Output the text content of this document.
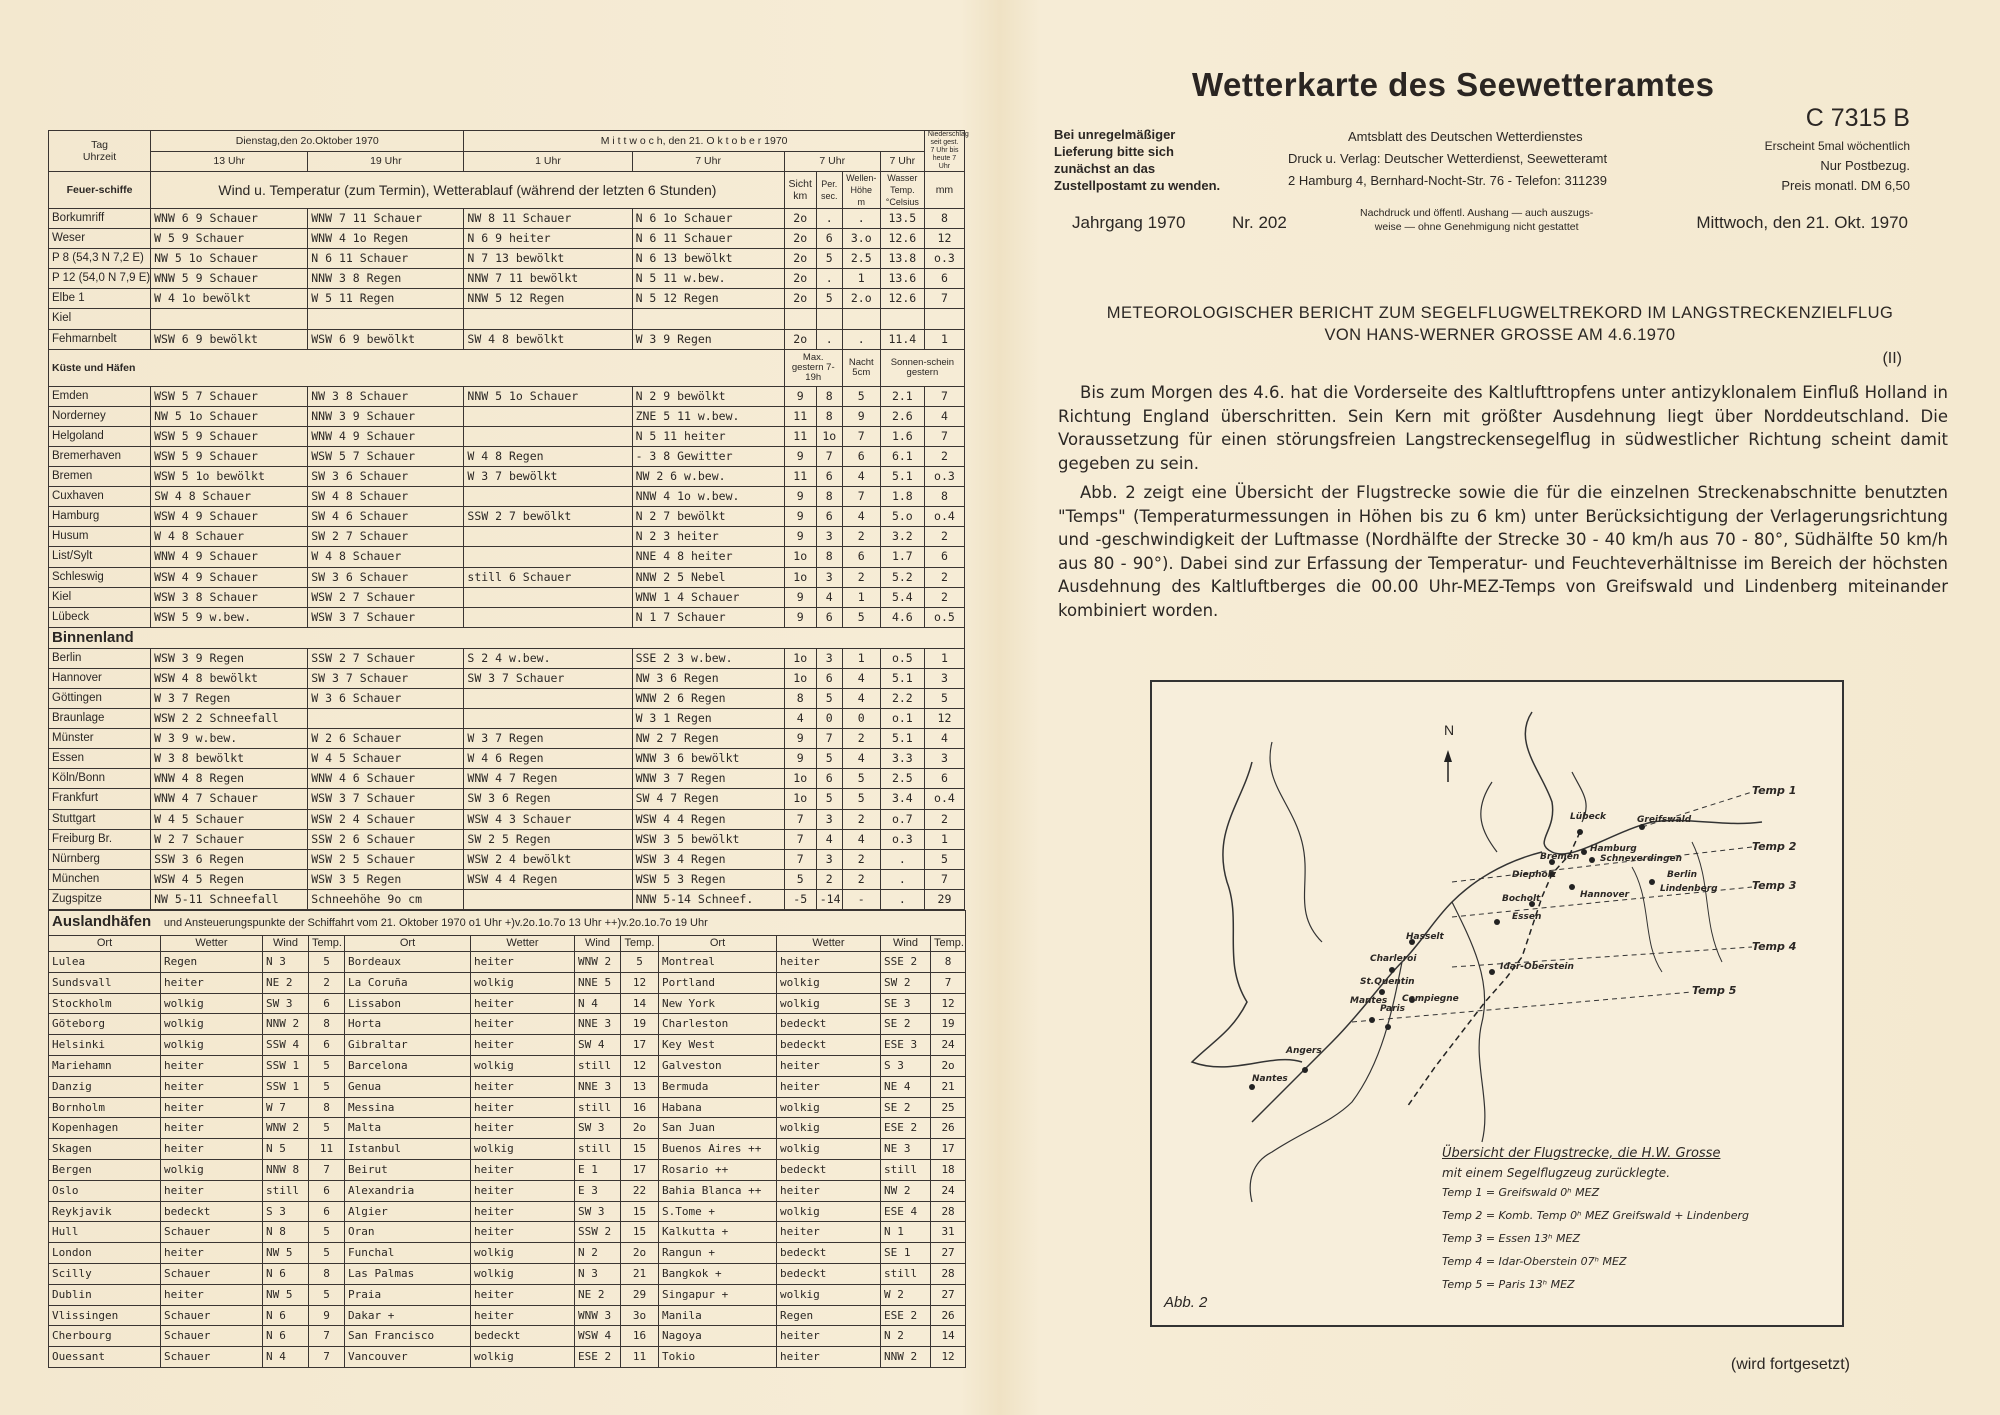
Tag
Uhrzeit	Dienstag,den 2o.Oktober 1970		M i t t w o c h, den 21. O k t o b e r 1970						Niederschlag seit gest. 7 Uhr bis heute 7 Uhr
	13 Uhr	19 Uhr	1 Uhr	7 Uhr	7 Uhr			7 Uhr	
Feuer-schiffe	Wind u. Temperatur (zum Termin), Wetterablauf (während der letzten 6 Stunden)				Sicht km	Per. sec.	Wellen- Höhe m	Wasser Temp. °Celsius	mm
Borkumriff	WNW 6 9 Schauer	WNW 7 11 Schauer	NW 8 11 Schauer	N 6 1o Schauer	2o	.	.	13.5	8
Weser	W 5 9 Schauer	WNW 4 1o Regen	N 6 9 heiter	N 6 11 Schauer	2o	6	3.o	12.6	12
P 8 (54,3 N 7,2 E)	NW 5 1o Schauer	N 6 11 Schauer	N 7 13 bewölkt	N 6 13 bewölkt	2o	5	2.5	13.8	o.3
P 12 (54,0 N 7,9 E)	WNW 5 9 Schauer	NNW 3 8 Regen	NNW 7 11 bewölkt	N 5 11 w.bew.	2o	.	1	13.6	6
Elbe 1	W 4 1o bewölkt	W 5 11 Regen	NNW 5 12 Regen	N 5 12 Regen	2o	5	2.o	12.6	7
Kiel									
Fehmarnbelt	WSW 6 9 bewölkt	WSW 6 9 bewölkt	SW 4 8 bewölkt	W 3 9 Regen	2o	.	.	11.4	1
Küste und Häfen					Max. gestern 7-19h		Nacht 5cm	Sonnen-schein gestern	
Emden	WSW 5 7 Schauer	NW 3 8 Schauer	NNW 5 1o Schauer	N 2 9 bewölkt	9	8	5	2.1	7
Norderney	NW 5 1o Schauer	NNW 3 9 Schauer		ZNE 5 11 w.bew.	11	8	9	2.6	4
Helgoland	WSW 5 9 Schauer	WNW 4 9 Schauer		N 5 11 heiter	11	1o	7	1.6	7
Bremerhaven	WSW 5 9 Schauer	WSW 5 7 Schauer	W 4 8 Regen	- 3 8 Gewitter	9	7	6	6.1	2
Bremen	WSW 5 1o bewölkt	SW 3 6 Schauer	W 3 7 bewölkt	NW 2 6 w.bew.	11	6	4	5.1	o.3
Cuxhaven	SW 4 8 Schauer	SW 4 8 Schauer		NNW 4 1o w.bew.	9	8	7	1.8	8
Hamburg	WSW 4 9 Schauer	SW 4 6 Schauer	SSW 2 7 bewölkt	N 2 7 bewölkt	9	6	4	5.o	o.4
Husum	W 4 8 Schauer	SW 2 7 Schauer		N 2 3 heiter	9	3	2	3.2	2
List/Sylt	WNW 4 9 Schauer	W 4 8 Schauer		NNE 4 8 heiter	1o	8	6	1.7	6
Schleswig	WSW 4 9 Schauer	SW 3 6 Schauer	still 6 Schauer	NNW 2 5 Nebel	1o	3	2	5.2	2
Kiel	WSW 3 8 Schauer	WSW 2 7 Schauer		WNW 1 4 Schauer	9	4	1	5.4	2
Lübeck	WSW 5 9 w.bew.	WSW 3 7 Schauer		N 1 7 Schauer	9	6	5	4.6	o.5
Binnenland									
Berlin	WSW 3 9 Regen	SSW 2 7 Schauer	S 2 4 w.bew.	SSE 2 3 w.bew.	1o	3	1	o.5	1
Hannover	WSW 4 8 bewölkt	SW 3 7 Schauer	SW 3 7 Schauer	NW 3 6 Regen	1o	6	4	5.1	3
Göttingen	W 3 7 Regen	W 3 6 Schauer		WNW 2 6 Regen	8	5	4	2.2	5
Braunlage	WSW 2 2 Schneefall			W 3 1 Regen	4	0	0	o.1	12
Münster	W 3 9 w.bew.	W 2 6 Schauer	W 3 7 Regen	NW 2 7 Regen	9	7	2	5.1	4
Essen	W 3 8 bewölkt	W 4 5 Schauer	W 4 6 Regen	WNW 3 6 bewölkt	9	5	4	3.3	3
Köln/Bonn	WNW 4 8 Regen	WNW 4 6 Schauer	WNW 4 7 Regen	WNW 3 7 Regen	1o	6	5	2.5	6
Frankfurt	WNW 4 7 Schauer	WSW 3 7 Schauer	SW 3 6 Regen	SW 4 7 Regen	1o	5	5	3.4	o.4
Stuttgart	W 4 5 Schauer	WSW 2 4 Schauer	WSW 4 3 Schauer	WSW 4 4 Regen	7	3	2	o.7	2
Freiburg Br.	W 2 7 Schauer	SSW 2 6 Schauer	SW 2 5 Regen	WSW 3 5 bewölkt	7	4	4	o.3	1
Nürnberg	SSW 3 6 Regen	WSW 2 5 Schauer	WSW 2 4 bewölkt	WSW 3 4 Regen	7	3	2	.	5
München	WSW 4 5 Regen	WSW 3 5 Regen	WSW 4 4 Regen	WSW 5 3 Regen	5	2	2	.	7
Zugspitze	NW 5-11 Schneefall	Schneehöhe 9o cm		NNW 5-14 Schneef.	-5	-14	-	.	29
Auslandhäfen und Ansteuerungspunkte der Schiffahrt vom 21. Oktober 1970 o1 Uhr +)v.2o.1o.7o 13 Uhr ++)v.2o.1o.7o 19 Uhr											
Ort	Wetter	Wind	Temp.	Ort	Wetter	Wind	Temp.	Ort	Wetter	Wind	Temp.
Lulea	Regen	N 3	5	Bordeaux	heiter	WNW 2	5	Montreal	heiter	SSE 2	8
Sundsvall	heiter	NE 2	2	La Coruña	wolkig	NNE 5	12	Portland	wolkig	SW 2	7
Stockholm	wolkig	SW 3	6	Lissabon	heiter	N 4	14	New York	wolkig	SE 3	12
Göteborg	wolkig	NNW 2	8	Horta	heiter	NNE 3	19	Charleston	bedeckt	SE 2	19
Helsinki	wolkig	SSW 4	6	Gibraltar	heiter	SW 4	17	Key West	bedeckt	ESE 3	24
Mariehamn	heiter	SSW 1	5	Barcelona	wolkig	still	12	Galveston	heiter	S 3	2o
Danzig	heiter	SSW 1	5	Genua	heiter	NNE 3	13	Bermuda	heiter	NE 4	21
Bornholm	heiter	W 7	8	Messina	heiter	still	16	Habana	wolkig	SE 2	25
Kopenhagen	heiter	WNW 2	5	Malta	heiter	SW 3	2o	San Juan	wolkig	ESE 2	26
Skagen	heiter	N 5	11	Istanbul	wolkig	still	15	Buenos Aires ++	wolkig	NE 3	17
Bergen	wolkig	NNW 8	7	Beirut	heiter	E 1	17	Rosario ++	bedeckt	still	18
Oslo	heiter	still	6	Alexandria	heiter	E 3	22	Bahia Blanca ++	heiter	NW 2	24
Reykjavik	bedeckt	S 3	6	Algier	heiter	SW 3	15	S.Tome +	wolkig	ESE 4	28
Hull	Schauer	N 8	5	Oran	heiter	SSW 2	15	Kalkutta +	heiter	N 1	31
London	heiter	NW 5	5	Funchal	wolkig	N 2	2o	Rangun +	bedeckt	SE 1	27
Scilly	Schauer	N 6	8	Las Palmas	wolkig	N 3	21	Bangkok +	bedeckt	still	28
Dublin	heiter	NW 5	5	Praia	heiter	NE 2	29	Singapur +	wolkig	W 2	27
Vlissingen	Schauer	N 6	9	Dakar +	heiter	WNW 3	3o	Manila	Regen	ESE 2	26
Cherbourg	Schauer	N 6	7	San Francisco	bedeckt	WSW 4	16	Nagoya	heiter	N 2	14
Ouessant	Schauer	N 4	7	Vancouver	wolkig	ESE 2	11	Tokio	heiter	NNW 2	12
Wetterkarte des Seewetteramtes
Bei unregelmäßiger
Lieferung bitte sich
zunächst an das
Zustellpostamt zu wenden.
Amtsblatt des Deutschen Wetterdienstes
Druck u. Verlag: Deutscher Wetterdienst, Seewetteramt
2 Hamburg 4, Bernhard-Nocht-Str. 76 - Telefon: 311239
C 7315 B
Erscheint 5mal wöchentlich
Nur Postbezug.
Preis monatl. DM 6,50
Jahrgang 1970	Nr. 202	Nachdruck und öffentl. Aushang — auch auszugs-
weise — ohne Genehmigung nicht gestattet	Mittwoch, den 21. Okt. 1970
METEOROLOGISCHER BERICHT ZUM SEGELFLUGWELTREKORD IM LANGSTRECKENZIELFLUG
VON HANS-WERNER GROSSE AM 4.6.1970
(II)
Bis zum Morgen des 4.6. hat die Vorderseite des Kaltlufttropfens unter antizyklonalem Einfluß Holland in Richtung England überschritten. Sein Kern mit größter Ausdehnung liegt über Norddeutschland. Die Voraussetzung für einen störungsfreien Langstreckensegelflug in südwestlicher Richtung scheint damit gegeben zu sein.
Abb. 2 zeigt eine Übersicht der Flugstrecke sowie die für die einzelnen Streckenabschnitte benutzten "Temps" (Temperaturmessungen in Höhen bis zu 6 km) unter Berücksichtigung der Verlagerungsrichtung und -geschwindigkeit der Luftmasse (Nordhälfte der Strecke 30 - 40 km/h aus 70 - 80°, Südhälfte 50 km/h aus 80 - 90°). Dabei sind zur Erfassung der Temperatur- und Feuchteverhältnisse im Bereich der höchsten Ausdehnung des Kaltluftberges die 00.00 Uhr-MEZ-Temps von Greifswald und Lindenberg miteinander kombiniert worden.
N
Abb. 2
Lübeck	Greifswald
Hamburg
Bremen Schneverdingen
Diepholz	Berlin
Lindenberg
Hannover
Bocholt
Essen
Hasselt
Charleroi
St.Quentin
Idar-Oberstein
Compiegne
Mantes
Paris
Angers
Nantes
Temp 1
Temp 2
Temp 3
Temp 4
Temp 5
Übersicht der Flugstrecke, die H.W. Grosse
mit einem Segelflugzeug zurücklegte.
Temp 1 = Greifswald 0ʰ MEZ
Temp 2 = Komb. Temp 0ʰ MEZ Greifswald + Lindenberg
Temp 3 = Essen 13ʰ MEZ
Temp 4 = Idar-Oberstein 07ʰ MEZ
Temp 5 = Paris 13ʰ MEZ
(wird fortgesetzt)
